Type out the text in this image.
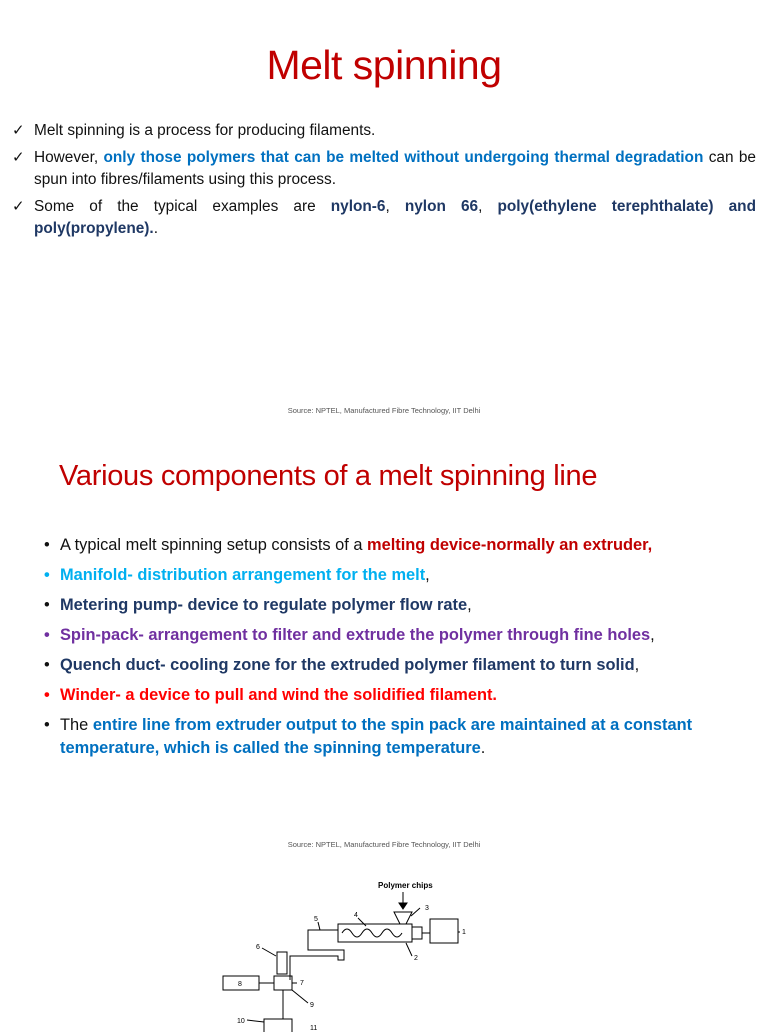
Melt spinning
✓ Melt spinning is a process for producing filaments.
✓ However, only those polymers that can be melted without undergoing thermal degradation can be spun into fibres/filaments using this process.
✓ Some of the typical examples are nylon-6, nylon 66, poly(ethylene terephthalate) and poly(propylene)..
Source: NPTEL, Manufactured Fibre Technology, IIT Delhi
Various components of a melt spinning line
• A typical melt spinning setup consists of a melting device-normally an extruder,
• Manifold- distribution arrangement for the melt,
• Metering pump- device to regulate polymer flow rate,
• Spin-pack- arrangement to filter and extrude the polymer through fine holes,
• Quench duct- cooling zone for the extruded polymer filament to turn solid,
• Winder- a device to pull and wind the solidified filament.
• The entire line from extruder output to the spin pack are maintained at a constant temperature, which is called the spinning temperature.
Source: NPTEL, Manufactured Fibre Technology, IIT Delhi
Polymer chips
3
4
5
6
1
2
7
8
9
10
11
